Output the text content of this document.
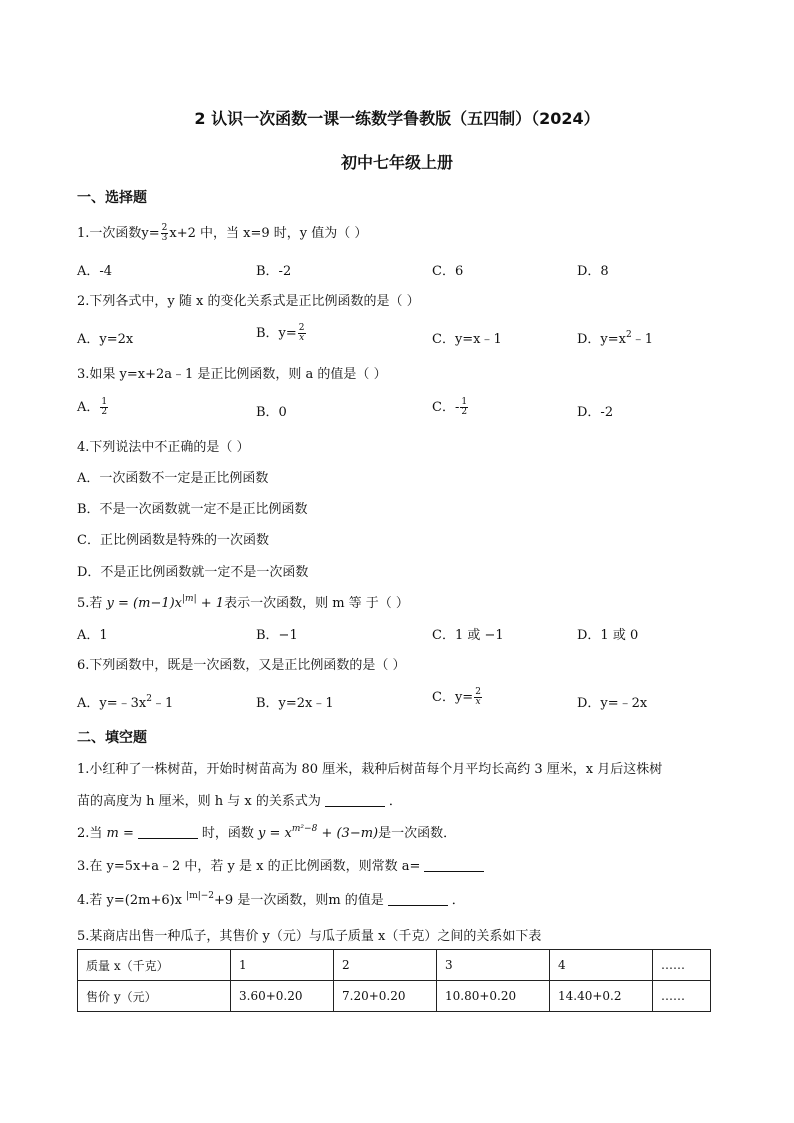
2 认识一次函数一课一练数学鲁教版（五四制）（2024）
初中七年级上册
一、选择题
1.一次函数$y= \frac{2}{3} x+2$ 中，当 x=9 时，y 值为（ ）
A．-4	B．-2	C．6	D．8
2.下列各式中，y 随 x 的变化关系式是正比例函数的是（ ）
A．y=2x	B．$y= \frac{2}{x}$	C．y=x﹣1	D．$y=x^2﹣1$
3.如果 y=x+2a﹣1 是正比例函数，则 a 的值是（ ）
A． $\frac{1}{2}$	B．0	C．- $\frac{1}{2}$	D．-2
4.下列说法中不正确的是（ ）
A．一次函数不一定是正比例函数
B．不是一次函数就一定不是正比例函数
C．正比例函数是特殊的一次函数
D．不是正比例函数就一定不是一次函数
5.若 $y = (m-1)x^{|m|} + 1$表示一次函数，则 m 等 于（ ）
A．1	B．−1	C．1 或 −1	D．1 或 0
6.下列函数中，既是一次函数，又是正比例函数的是（ ）
A．$y=﹣3x^2﹣1$	B．y=2x﹣1	C．$y= \frac{2}{x}$	D．y=﹣2x
二、填空题
1.小红种了一株树苗，开始时树苗高为 80 厘米，栽种后树苗每个月平均长高约 3 厘米，x 月后这株树
苗的高度为 h 厘米，则 h 与 x 的关系式为	．
2.当 m =	时，函数 $y = x^{m^2-8} + (3-m)$是一次函数．
3.在 y=5x+a﹣2 中，若 y 是 x 的正比例函数，则常数 a=
4.若 y=(2m+6)x $^{|m|-2}$+9 是一次函数，则m 的值是	．
5.某商店出售一种瓜子，其售价 y（元）与瓜子质量 x（千克）之间的关系如下表
质量 x（千克）	1	2	3	4	……
售价 y（元）	3.60+0.20	7.20+0.20	10.80+0.20	14.40+0.2	……
